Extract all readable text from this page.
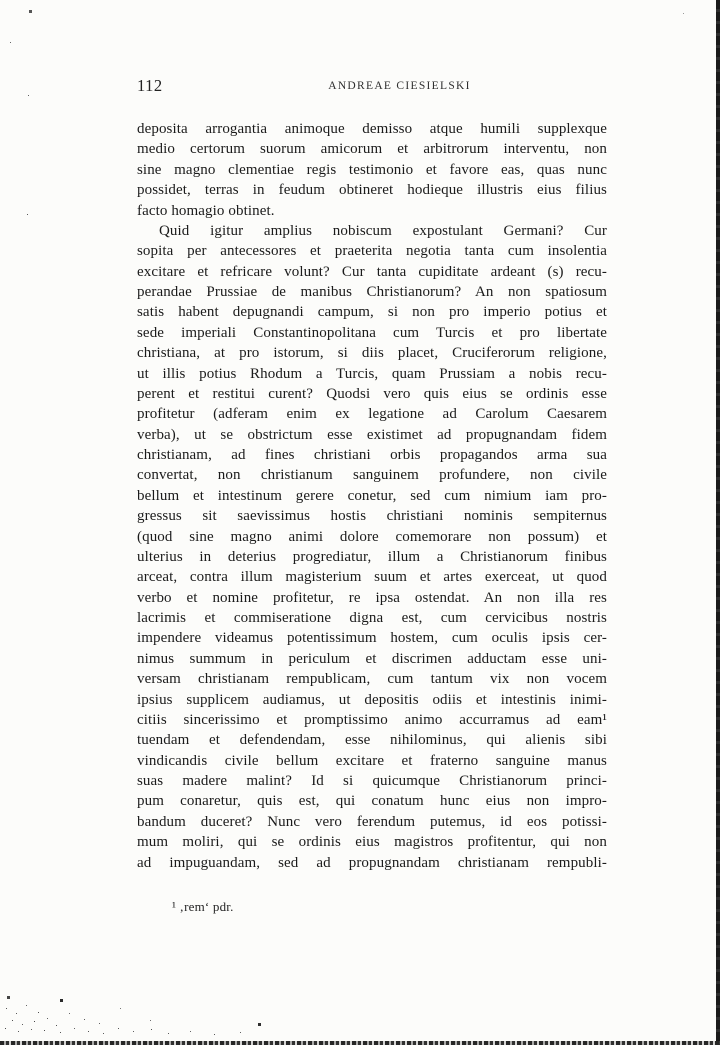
112	ANDREAE CIESIELSKI
deposita arrogantia animoque demisso atque humili supplexque
medio certorum suorum amicorum et arbitrorum interventu, non
sine magno clementiae regis testimonio et favore eas, quas nunc
possidet, terras in feudum obtineret hodieque illustris eius filius
facto homagio obtinet.
Quid igitur amplius nobiscum expostulant Germani? Cur
sopita per antecessores et praeterita negotia tanta cum insolentia
excitare et refricare volunt? Cur tanta cupiditate ardeant (s) recu-
perandae Prussiae de manibus Christianorum? An non spatiosum
satis habent depugnandi campum, si non pro imperio potius et
sede imperiali Constantinopolitana cum Turcis et pro libertate
christiana, at pro istorum, si diis placet, Cruciferorum religione,
ut illis potius Rhodum a Turcis, quam Prussiam a nobis recu-
perent et restitui curent? Quodsi vero quis eius se ordinis esse
profitetur (adferam enim ex legatione ad Carolum Caesarem
verba), ut se obstrictum esse existimet ad propugnandam fidem
christianam, ad fines christiani orbis propagandos arma sua
convertat, non christianum sanguinem profundere, non civile
bellum et intestinum gerere conetur, sed cum nimium iam pro-
gressus sit saevissimus hostis christiani nominis sempiternus
(quod sine magno animi dolore comemorare non possum) et
ulterius in deterius progrediatur, illum a Christianorum finibus
arceat, contra illum magisterium suum et artes exerceat, ut quod
verbo et nomine profitetur, re ipsa ostendat. An non illa res
lacrimis et commiseratione digna est, cum cervicibus nostris
impendere videamus potentissimum hostem, cum oculis ipsis cer-
nimus summum in periculum et discrimen adductam esse uni-
versam christianam rempublicam, cum tantum vix non vocem
ipsius supplicem audiamus, ut depositis odiis et intestinis inimi-
citiis sincerissimo et promptissimo animo accurramus ad eam¹
tuendam et defendendam, esse nihilominus, qui alienis sibi
vindicandis civile bellum excitare et fraterno sanguine manus
suas madere malint? Id si quicumque Christianorum princi-
pum conaretur, quis est, qui conatum hunc eius non impro-
bandum duceret? Nunc vero ferendum putemus, id eos potissi-
mum moliri, qui se ordinis eius magistros profitentur, qui non
ad impuguandam, sed ad propugnandam christianam rempubli-
¹ ‚rem‘ pdr.
